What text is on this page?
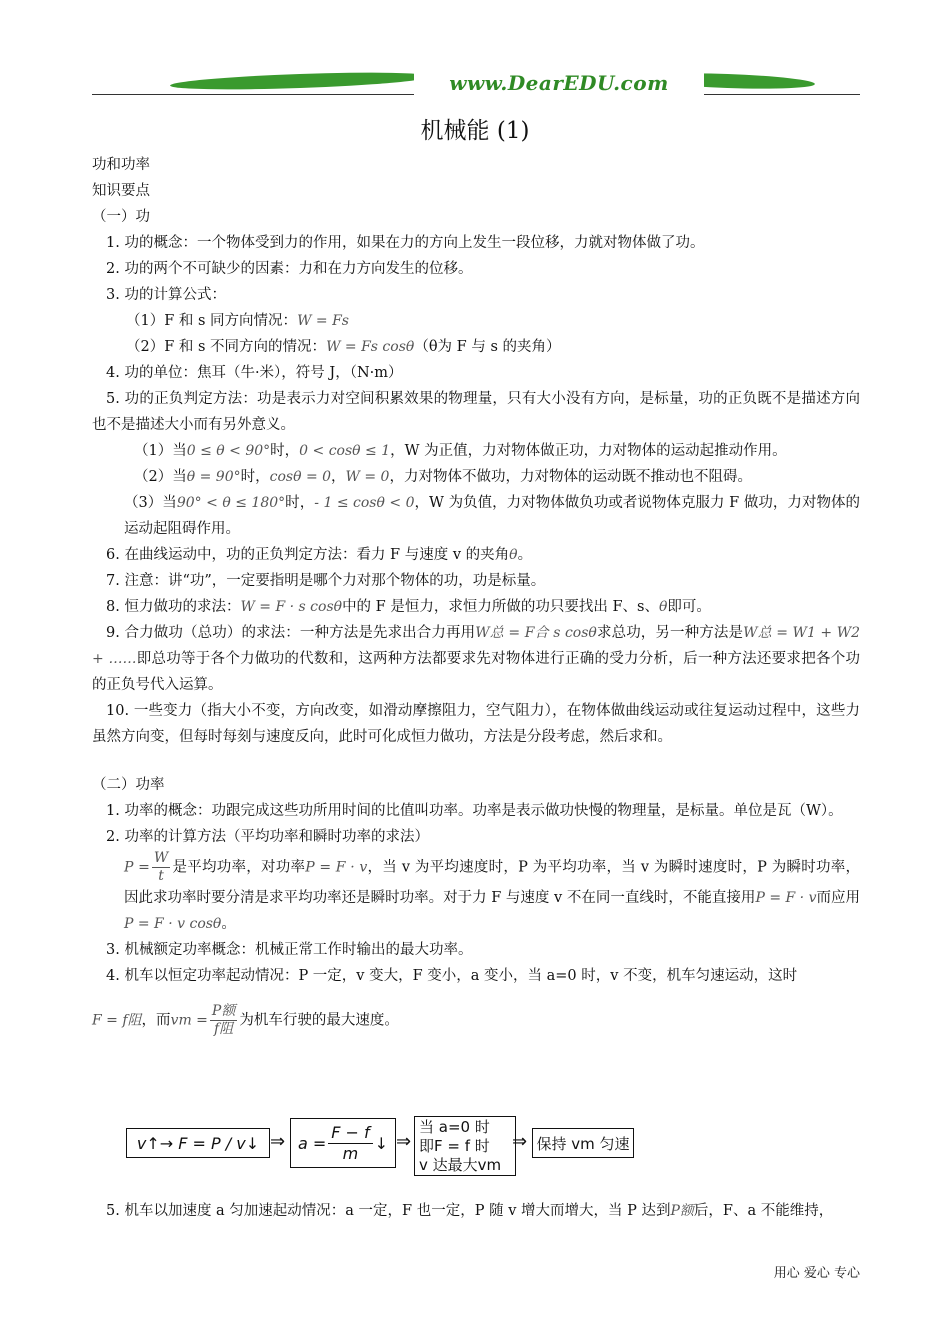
www.DearEDU.com
机械能 (1)

功和功率

知识要点

（一）功

1. 功的概念：一个物体受到力的作用，如果在力的方向上发生一段位移，力就对物体做了功。

2. 功的两个不可缺少的因素：力和在力方向发生的位移。

3. 功的计算公式：

（1）F 和 s 同方向情况：W = Fs

（2）F 和 s 不同方向的情况：W = Fs cosθ（θ为 F 与 s 的夹角）

4. 功的单位：焦耳（牛·米），符号 J，（N·m）

5. 功的正负判定方法：功是表示力对空间积累效果的物理量，只有大小没有方向，是标量，功的正负既不是描述方向也不是描述大小而有另外意义。

（1）当0 ≤ θ < 90°时，0 < cosθ ≤ 1，W 为正值，力对物体做正功，力对物体的运动起推动作用。

（2）当θ = 90°时，cosθ = 0，W = 0，力对物体不做功，力对物体的运动既不推动也不阻碍。

（3）当90° < θ ≤ 180°时，- 1 ≤ cosθ < 0，W 为负值，力对物体做负功或者说物体克服力 F 做功，力对物体的运动起阻碍作用。

6. 在曲线运动中，功的正负判定方法：看力 F 与速度 v 的夹角θ。

7. 注意：讲“功”，一定要指明是哪个力对那个物体的功，功是标量。

8. 恒力做功的求法：W = F · s cosθ中的 F 是恒力，求恒力所做的功只要找出 F、s、θ即可。

9. 合力做功（总功）的求法：一种方法是先求出合力再用W总 = F合 s cosθ求总功，另一种方法是W总 = W1 + W2 + ……即总功等于各个力做功的代数和，这两种方法都要求先对物体进行正确的受力分析，后一种方法还要求把各个功的正负号代入运算。

10. 一些变力（指大小不变，方向改变，如滑动摩擦阻力，空气阻力），在物体做曲线运动或往复运动过程中，这些力虽然方向变，但每时每刻与速度反向，此时可化成恒力做功，方法是分段考虑，然后求和。

（二）功率

1. 功率的概念：功跟完成这些功所用时间的比值叫功率。功率是表示做功快慢的物理量，是标量。单位是瓦（W）。

2. 功率的计算方法（平均功率和瞬时功率的求法）

$P = \frac{W}{t}$ 是平均功率，对功率P = F · v，当 v 为平均速度时，P 为平均功率，当 v 为瞬时速度时，P 为瞬时功率，因此求功率时要分清是求平均功率还是瞬时功率。对于力 F 与速度 v 不在同一直线时，不能直接用P = F · v而应用P = F · v cosθ。

3. 机械额定功率概念：机械正常工作时输出的最大功率。

4. 机车以恒定功率起动情况：P 一定，v 变大，F 变小，a 变小，当 a=0 时，v 不变，机车匀速运动，这时

F = f阻，而vm = $\frac{\text{P额}}{\text{f阻}}$ 为机车行驶的最大速度。

v↑→ F = P / v↓ ⇒ $a = \frac{F - f}{m}$ ↓ ⇒
当 a=0 时
即F = f 时
v 达最大vm
⇒ 保持 vm 匀速

5. 机车以加速度 a 匀加速起动情况：a 一定，F 也一定，P 随 v 增大而增大，当 P 达到P额后，F、a 不能维持，

用心 爱心 专心
